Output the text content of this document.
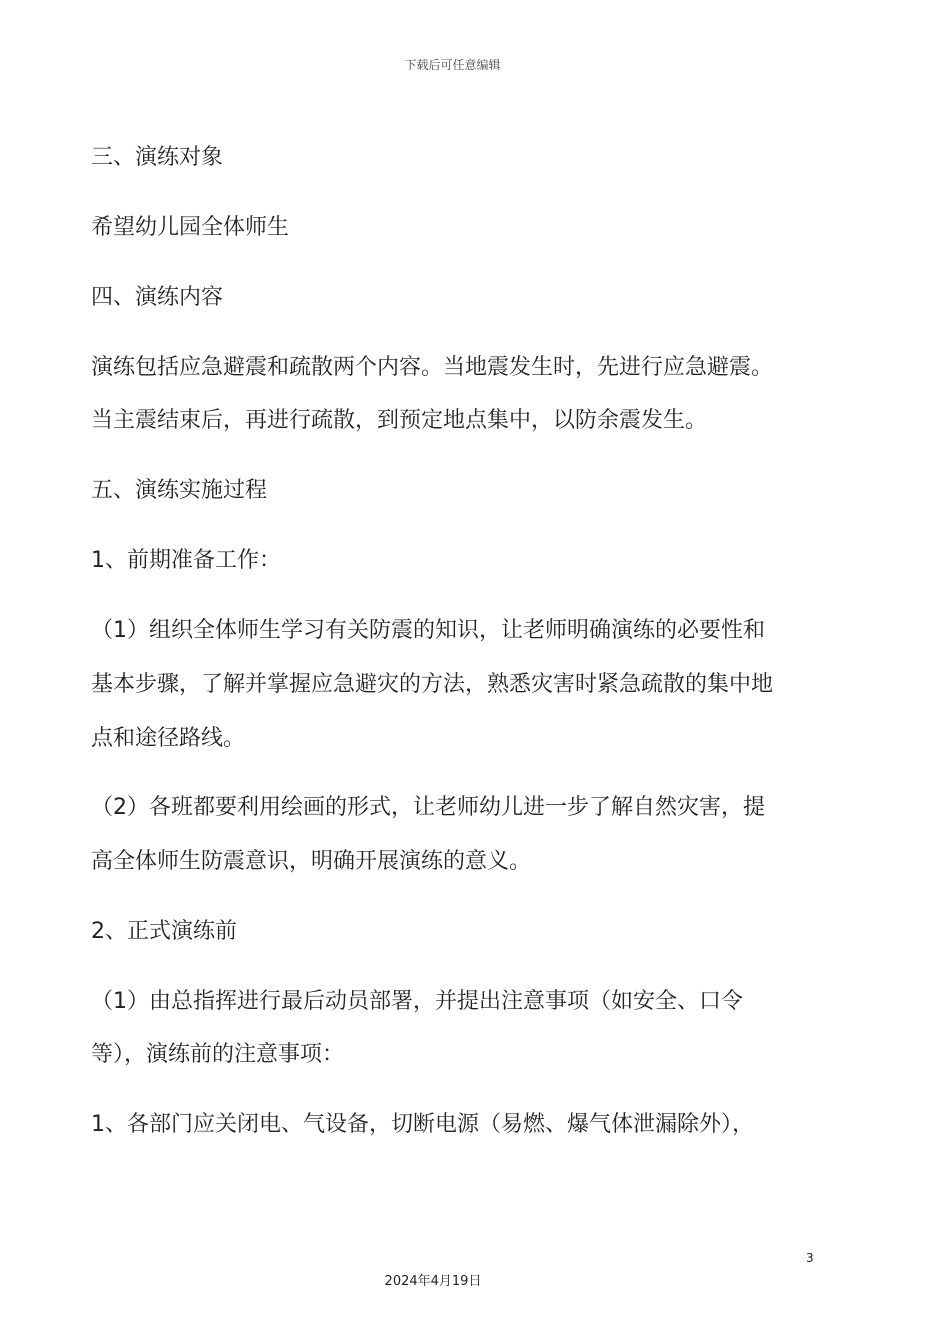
下载后可任意编辑
三、演练对象
希望幼儿园全体师生
四、演练内容
演练包括应急避震和疏散两个内容。当地震发生时，先进行应急避震。
当主震结束后，再进行疏散，到预定地点集中，以防余震发生。
五、演练实施过程
1、前期准备工作：
（1）组织全体师生学习有关防震的知识，让老师明确演练的必要性和
基本步骤，了解并掌握应急避灾的方法，熟悉灾害时紧急疏散的集中地
点和途径路线。
（2）各班都要利用绘画的形式，让老师幼儿进一步了解自然灾害，提
高全体师生防震意识，明确开展演练的意义。
2、正式演练前
（1）由总指挥进行最后动员部署，并提出注意事项（如安全、口令
等），演练前的注意事项：
1、各部门应关闭电、气设备，切断电源（易燃、爆气体泄漏除外），
3
2024年4月19日
